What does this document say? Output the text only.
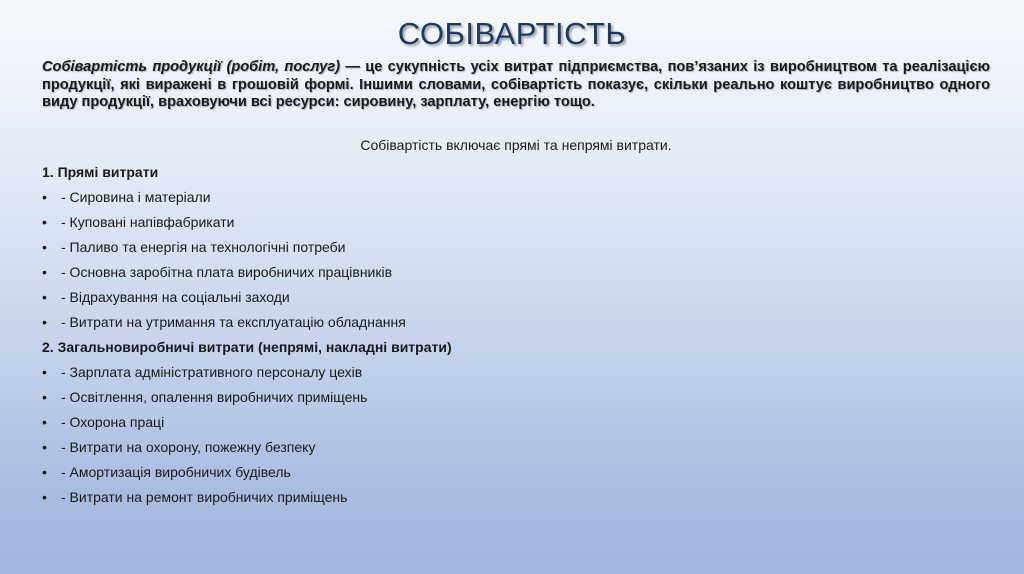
СОБІВАРТІСТЬ

Собівартість продукції (робіт, послуг) — це сукупність усіх витрат підприємства, пов’язаних із виробництвом та реалізацією продукції, які виражені в грошовій формі. Іншими словами, собівартість показує, скільки реально коштує виробництво одного виду продукції, враховуючи всі ресурси: сировину, зарплату, енергію тощо.

Собівартість включає прямі та непрямі витрати.

1. Прямі витрати
• - Сировина і матеріали
• - Куповані напівфабрикати
• - Паливо та енергія на технологічні потреби
• - Основна заробітна плата виробничих працівників
• - Відрахування на соціальні заходи
• - Витрати на утримання та експлуатацію обладнання
2. Загальновиробничі витрати (непрямі, накладні витрати)
• - Зарплата адміністративного персоналу цехів
• - Освітлення, опалення виробничих приміщень
• - Охорона праці
• - Витрати на охорону, пожежну безпеку
• - Амортизація виробничих будівель
• - Витрати на ремонт виробничих приміщень
